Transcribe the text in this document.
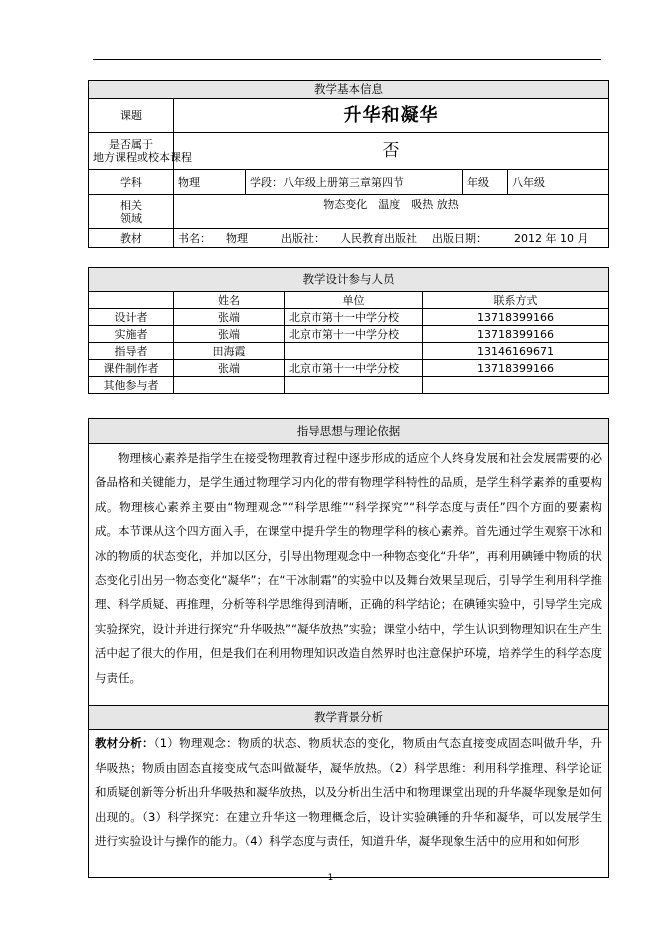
教学基本信息				
课题	升华和凝华			

是否属于
地方课程或校本课程	否			
学科	物理	学段：八年级上册第三章第四节	年级	八年级

相关
领域	物态变化　温度　吸热 放热			
教材	书名： 物理 出版社： 人民教育出版社 出版日期： 2012 年 10 月			
教学设计参与人员			
	姓名	单位	联系方式
设计者	张端	北京市第十一中学分校	13718399166
实施者	张端	北京市第十一中学分校	13718399166
指导者	田海霞		13146169671
课件制作者	张端	北京市第十一中学分校	13718399166
其他参与者			
指导思想与理论依据

物理核心素养是指学生在接受物理教育过程中逐步形成的适应个人终身发展和社会发展需要的必备品格和关键能力，是学生通过物理学习内化的带有物理学科特性的品质，是学生科学素养的重要构成。物理核心素养主要由“物理观念”“科学思维”“科学探究”“科学态度与责任”四个方面的要素构成。本节课从这个四方面入手，在课堂中提升学生的物理学科的核心素养。首先通过学生观察干冰和冰的物质的状态变化，并加以区分，引导出物理观念中一种物态变化“升华”，再利用碘锤中物质的状态变化引出另一物态变化“凝华”；在“干冰制霜”的实验中以及舞台效果呈现后，引导学生利用科学推理、科学质疑、再推理，分析等科学思维得到清晰，正确的科学结论；在碘锤实验中，引导学生完成实验探究，设计并进行探究“升华吸热”“凝华放热”实验；课堂小结中，学生认识到物理知识在生产生活中起了很大的作用，但是我们在利用物理知识改造自然界时也注意保护环境，培养学生的科学态度与责任。

教学背景分析
教材分析：（1）物理观念：物质的状态、物质状态的变化，物质由气态直接变成固态叫做升华，升华吸热；物质由固态直接变成气态叫做凝华，凝华放热。（2）科学思维：利用科学推理、科学论证和质疑创新等分析出升华吸热和凝华放热，以及分析出生活中和物理课堂出现的升华凝华现象是如何出现的。（3）科学探究：在建立升华这一物理概念后，设计实验碘锤的升华和凝华，可以发展学生进行实验设计与操作的能力。（4）科学态度与责任，知道升华，凝华现象生活中的应用和如何形
1
